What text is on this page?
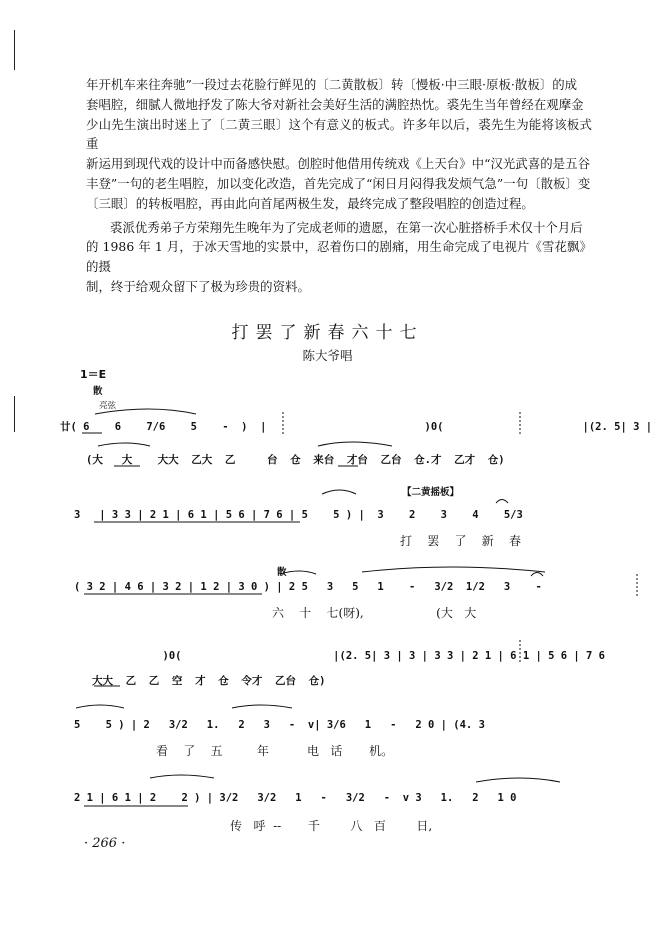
年开机车来往奔驰”一段过去花脸行鲜见的〔二黄散板〕转〔慢板·中三眼·原板·散板〕的成
套唱腔，细腻人微地抒发了陈大爷对新社会美好生活的满腔热忱。裘先生当年曾经在观摩金
少山先生演出时迷上了〔二黄三眼〕这个有意义的板式。许多年以后，裘先生为能将该板式重
新运用到现代戏的设计中而备感快慰。创腔时他借用传统戏《上天台》中“汉光武喜的是五谷
丰登”一句的老生唱腔，加以变化改造，首先完成了“闲日月闷得我发烦气急”一句〔散板〕变
〔三眼〕的转板唱腔，再由此向首尾两极生发，最终完成了整段唱腔的创造过程。

裘派优秀弟子方荣翔先生晚年为了完成老师的遗愿，在第一次心脏搭桥手术仅十个月后
的 1986 年 1 月，于冰天雪地的实景中，忍着伤口的剧痛，用生命完成了电视片《雪花飘》的摄
制，终于给观众留下了极为珍贵的资料。

打罢了新春六十七
陈大爷唱
1＝E
散
亮弦
【二黄摇板】
散
廿( 6    6    7/6    5    -  )  |                         )0(                      |(2. 5| 3 |
(大   大    大大  乙大  乙     台  仓  来台  才台  乙台  仓.才  乙才  仓)
3   | 3 3 | 2 1 | 6 1 | 5 6 | 7 6 | 5    5 ) |  3    2    3    4    5/3
打    罢    了    新    春
( 3 2 | 4 6 | 3 2 | 1 2 | 3 0 ) | 2 5   3   5   1    -   3/2  1/2   3    -
六    十    七(呀),                   (大   大
)0(                        |(2. 5| 3 | 3 | 3 3 | 2 1 | 6 1 | 5 6 | 7 6
大大  乙  乙  空  才  仓  令才  乙台  仓)
5    5 ) | 2   3/2   1.   2   3   -  v| 3/6   1   -   2 0 | (4. 3
看    了    五         年          电   话       机。
2 1 | 6 1 | 2    2 ) | 3/2   3/2   1   -   3/2   -  v 3   1.   2   1 0
传   呼  --       千        八   百        日,
· 266 ·
